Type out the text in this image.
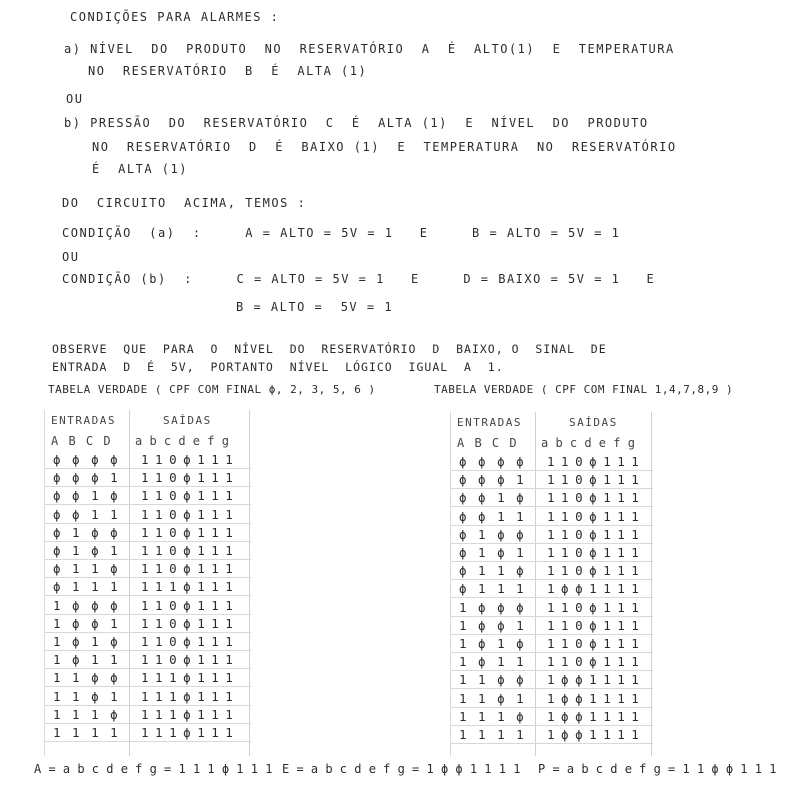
CONDIÇÕES PARA ALARMES :
a) NÍVEL  DO  PRODUTO  NO  RESERVATÓRIO  A  É  ALTO(1)  E  TEMPERATURA
NO  RESERVATÓRIO  B  É  ALTA (1)
OU
b) PRESSÃO  DO  RESERVATÓRIO  C  É  ALTA (1)  E  NÍVEL  DO  PRODUTO
NO  RESERVATÓRIO  D  É  BAIXO (1)  E  TEMPERATURA  NO  RESERVATÓRIO
É  ALTA (1)
DO  CIRCUITO  ACIMA, TEMOS :
CONDIÇÃO  (a)  :     A = ALTO = 5V = 1   E     B = ALTO = 5V = 1
OU
CONDIÇÃO (b)  :     C = ALTO = 5V = 1   E     D = BAIXO = 5V = 1   E
B = ALTO =  5V = 1
OBSERVE  QUE  PARA  O  NÍVEL  DO  RESERVATÓRIO  D  BAIXO, O  SINAL  DE
ENTRADA  D  É  5V,  PORTANTO  NÍVEL  LÓGICO  IGUAL  A  1.
TABELA VERDADE ( CPF COM FINAL ϕ, 2, 3, 5, 6 )	TABELA VERDADE ( CPF COM FINAL 1,4,7,8,9 )
ENTRADAS	SAÍDAS
A B C D a b c d e f g
ϕ ϕ ϕ ϕ 1 1 0 ϕ 1 1 1
ϕ ϕ ϕ 1 1 1 0 ϕ 1 1 1
ϕ ϕ 1 ϕ 1 1 0 ϕ 1 1 1
ϕ ϕ 1 1 1 1 0 ϕ 1 1 1
ϕ 1 ϕ ϕ 1 1 0 ϕ 1 1 1
ϕ 1 ϕ 1 1 1 0 ϕ 1 1 1
ϕ 1 1 ϕ 1 1 0 ϕ 1 1 1
ϕ 1 1 1 1 1 1 ϕ 1 1 1
1 ϕ ϕ ϕ 1 1 0 ϕ 1 1 1
1 ϕ ϕ 1 1 1 0 ϕ 1 1 1
1 ϕ 1 ϕ 1 1 0 ϕ 1 1 1
1 ϕ 1 1 1 1 0 ϕ 1 1 1
1 1 ϕ ϕ 1 1 1 ϕ 1 1 1
1 1 ϕ 1 1 1 1 ϕ 1 1 1
1 1 1 ϕ 1 1 1 ϕ 1 1 1
1 1 1 1 1 1 1 ϕ 1 1 1
ENTRADAS	SAÍDAS
A B C D a b c d e f g
ϕ ϕ ϕ ϕ 1 1 0 ϕ 1 1 1
ϕ ϕ ϕ 1 1 1 0 ϕ 1 1 1
ϕ ϕ 1 ϕ 1 1 0 ϕ 1 1 1
ϕ ϕ 1 1 1 1 0 ϕ 1 1 1
ϕ 1 ϕ ϕ 1 1 0 ϕ 1 1 1
ϕ 1 ϕ 1 1 1 0 ϕ 1 1 1
ϕ 1 1 ϕ 1 1 0 ϕ 1 1 1
ϕ 1 1 1 1 ϕ ϕ 1 1 1 1
1 ϕ ϕ ϕ 1 1 0 ϕ 1 1 1
1 ϕ ϕ 1 1 1 0 ϕ 1 1 1
1 ϕ 1 ϕ 1 1 0 ϕ 1 1 1
1 ϕ 1 1 1 1 0 ϕ 1 1 1
1 1 ϕ ϕ 1 ϕ ϕ 1 1 1 1
1 1 ϕ 1 1 ϕ ϕ 1 1 1 1
1 1 1 ϕ 1 ϕ ϕ 1 1 1 1
1 1 1 1 1 ϕ ϕ 1 1 1 1
A = a b c d e f g = 1 1 1 ϕ 1 1 1 E = a b c d e f g = 1 ϕ ϕ 1 1 1 1 P = a b c d e f g = 1 1 ϕ ϕ 1 1 1
